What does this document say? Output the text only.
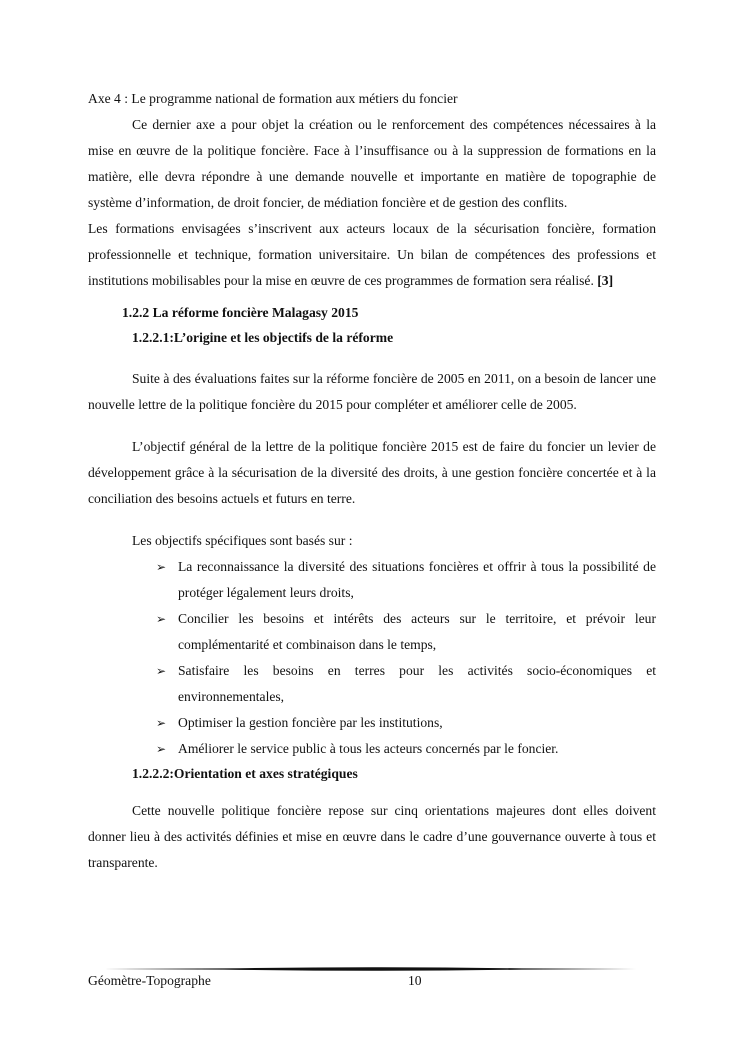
Axe 4 : Le programme national de formation aux métiers du foncier

Ce dernier axe a pour objet la création ou le renforcement des compétences nécessaires à la mise en œuvre de la politique foncière. Face à l’insuffisance ou à la suppression de formations en la matière, elle devra répondre à une demande nouvelle et importante en matière de topographie de système d’information, de droit foncier, de médiation foncière et de gestion des conflits.

Les formations envisagées s’inscrivent aux acteurs locaux de la sécurisation foncière, formation professionnelle et technique, formation universitaire. Un bilan de compétences des professions et institutions mobilisables pour la mise en œuvre de ces programmes de formation sera réalisé. [3]

1.2.2 La réforme foncière Malagasy 2015
1.2.2.1:L’origine et les objectifs de la réforme

Suite à des évaluations faites sur la réforme foncière de 2005 en 2011, on a besoin de lancer une nouvelle lettre de la politique foncière du 2015 pour compléter et améliorer celle de 2005.

L’objectif général de la lettre de la politique foncière 2015 est de faire du foncier un levier de développement grâce à la sécurisation de la diversité des droits, à une gestion foncière concertée et à la conciliation des besoins actuels et futurs en terre.

Les objectifs spécifiques sont basés sur :

➢ La reconnaissance la diversité des situations foncières et offrir à tous la possibilité de protéger légalement leurs droits,
➢ Concilier les besoins et intérêts des acteurs sur le territoire, et prévoir leur complémentarité et combinaison dans le temps,
➢ Satisfaire les besoins en terres pour les activités socio-économiques et environnementales,
➢ Optimiser la gestion foncière par les institutions,
➢ Améliorer le service public à tous les acteurs concernés par le foncier.
1.2.2.2:Orientation et axes stratégiques

Cette nouvelle politique foncière repose sur cinq orientations majeures dont elles doivent donner lieu à des activités définies et mise en œuvre dans le cadre d’une gouvernance ouverte à tous et transparente.

Géomètre-Topographe	10
